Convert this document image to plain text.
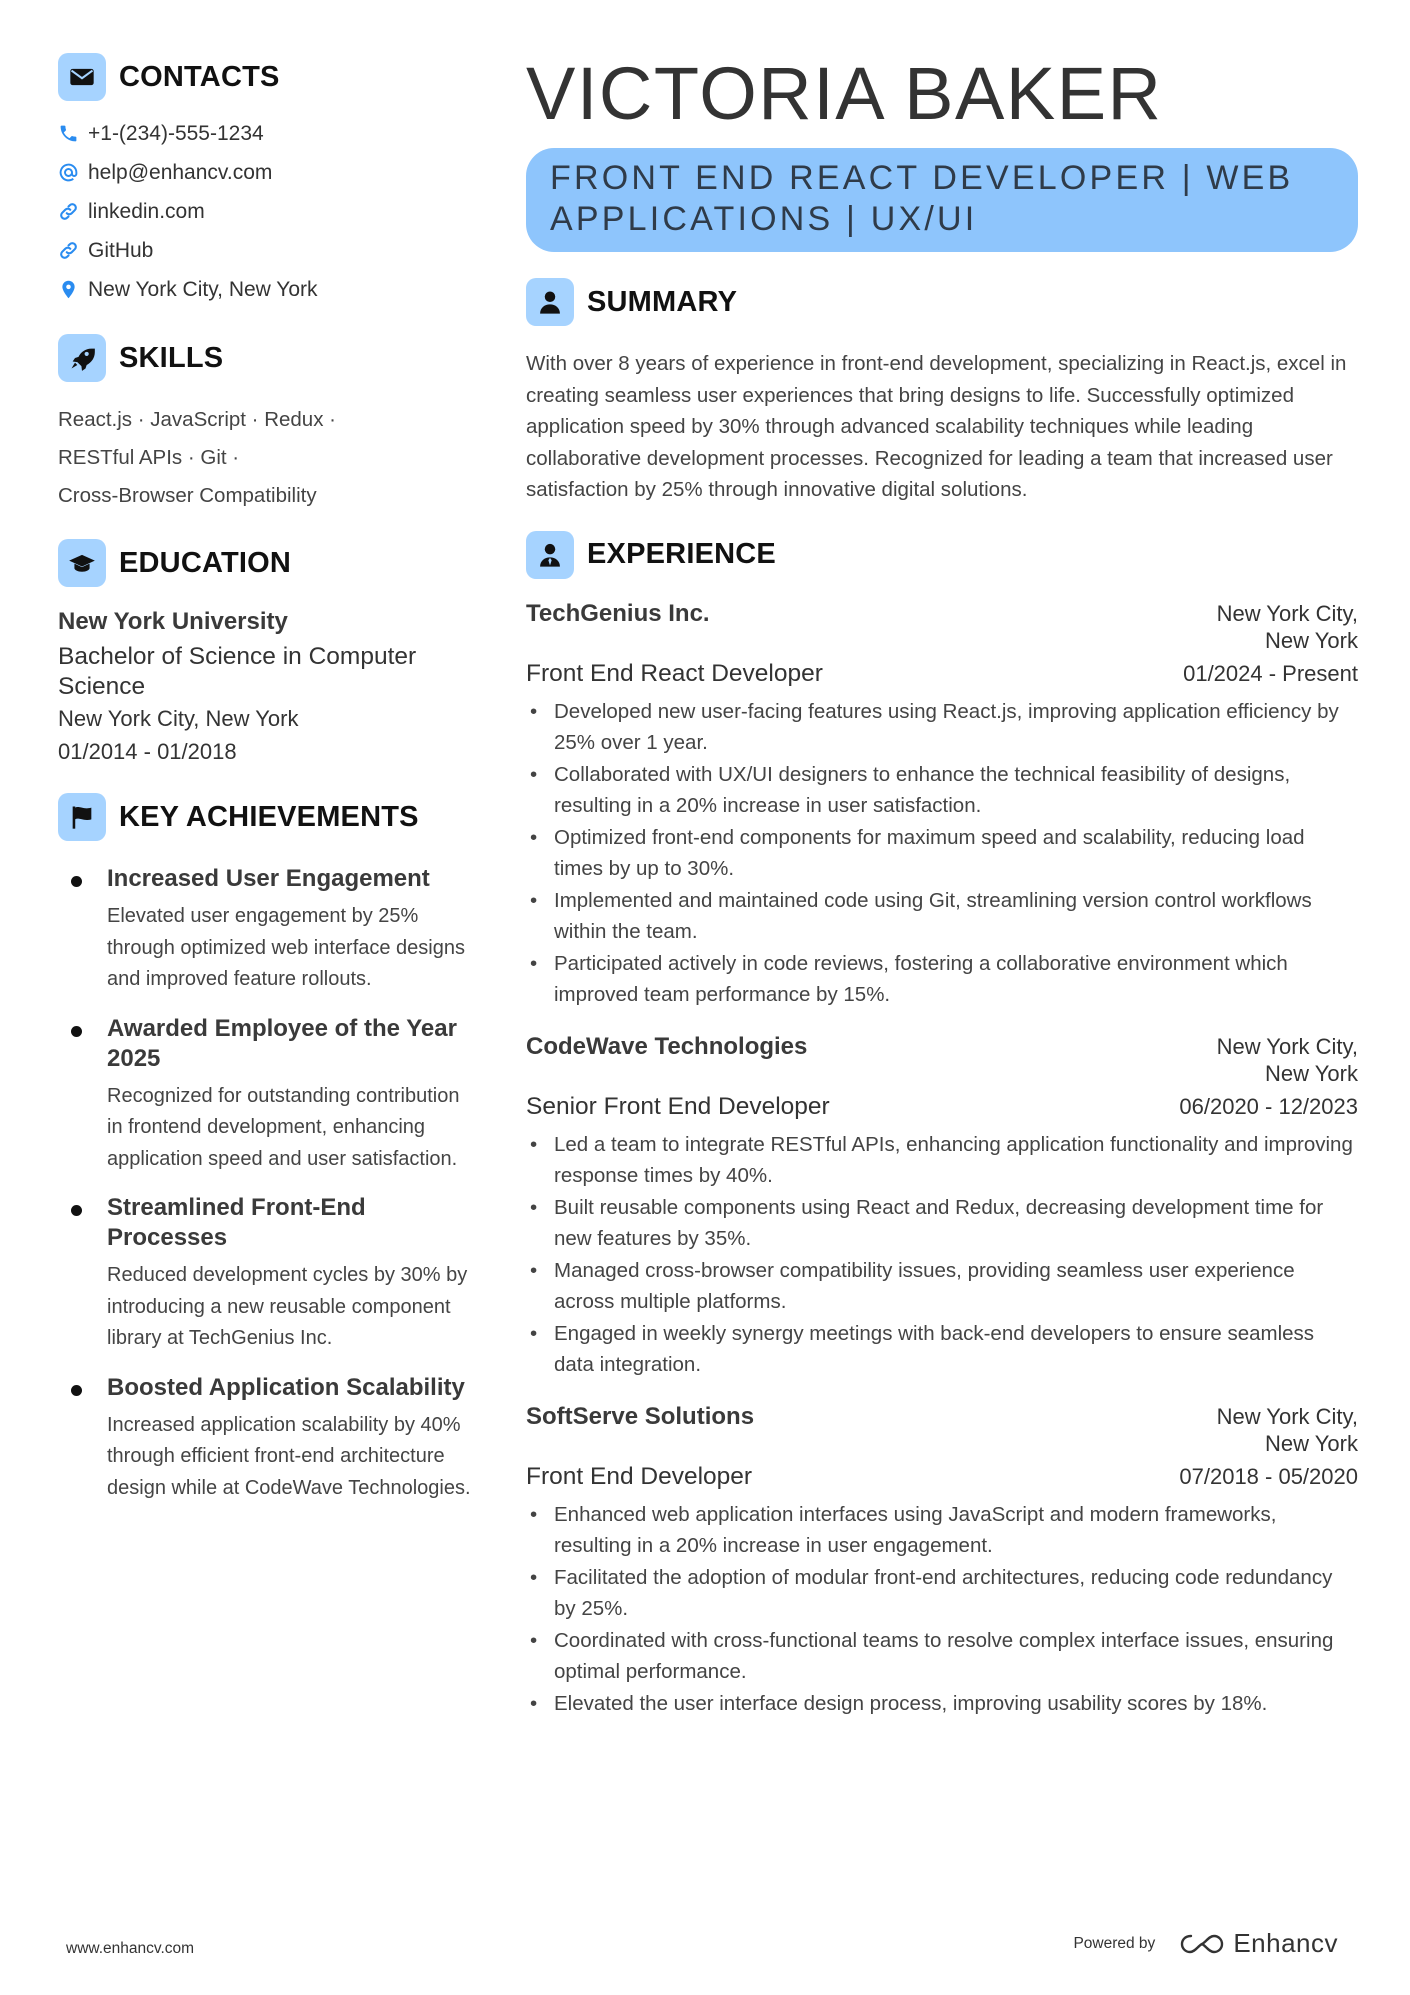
CONTACTS
+1-(234)-555-1234
help@enhancv.com
linkedin.com
GitHub
New York City, New York
SKILLS
React.js · JavaScript · Redux ·
RESTful APIs · Git ·
Cross-Browser Compatibility
EDUCATION
New York University
Bachelor of Science in Computer Science
New York City, New York
01/2014 - 01/2018
KEY ACHIEVEMENTS
Increased User Engagement
Elevated user engagement by 25% through optimized web interface designs and improved feature rollouts.
Awarded Employee of the Year 2025
Recognized for outstanding contribution in frontend development, enhancing application speed and user satisfaction.
Streamlined Front-End Processes
Reduced development cycles by 30% by introducing a new reusable component library at TechGenius Inc.
Boosted Application Scalability
Increased application scalability by 40% through efficient front-end architecture design while at CodeWave Technologies.
VICTORIA BAKER
FRONT END REACT DEVELOPER | WEB APPLICATIONS | UX/UI
SUMMARY
With over 8 years of experience in front-end development, specializing in React.js, excel in creating seamless user experiences that bring designs to life. Successfully optimized application speed by 30% through advanced scalability techniques while leading collaborative development processes. Recognized for leading a team that increased user satisfaction by 25% through innovative digital solutions.
EXPERIENCE
TechGenius Inc.	New York City,
New York
Front End React Developer	01/2024 - Present
• Developed new user-facing features using React.js, improving application efficiency by 25% over 1 year.
• Collaborated with UX/UI designers to enhance the technical feasibility of designs, resulting in a 20% increase in user satisfaction.
• Optimized front-end components for maximum speed and scalability, reducing load times by up to 30%.
• Implemented and maintained code using Git, streamlining version control workflows within the team.
• Participated actively in code reviews, fostering a collaborative environment which improved team performance by 15%.
CodeWave Technologies	New York City,
New York
Senior Front End Developer	06/2020 - 12/2023
• Led a team to integrate RESTful APIs, enhancing application functionality and improving response times by 40%.
• Built reusable components using React and Redux, decreasing development time for new features by 35%.
• Managed cross-browser compatibility issues, providing seamless user experience across multiple platforms.
• Engaged in weekly synergy meetings with back-end developers to ensure seamless data integration.
SoftServe Solutions	New York City,
New York
Front End Developer	07/2018 - 05/2020
• Enhanced web application interfaces using JavaScript and modern frameworks, resulting in a 20% increase in user engagement.
• Facilitated the adoption of modular front-end architectures, reducing code redundancy by 25%.
• Coordinated with cross-functional teams to resolve complex interface issues, ensuring optimal performance.
• Elevated the user interface design process, improving usability scores by 18%.
www.enhancv.com	Powered by	Enhancv
